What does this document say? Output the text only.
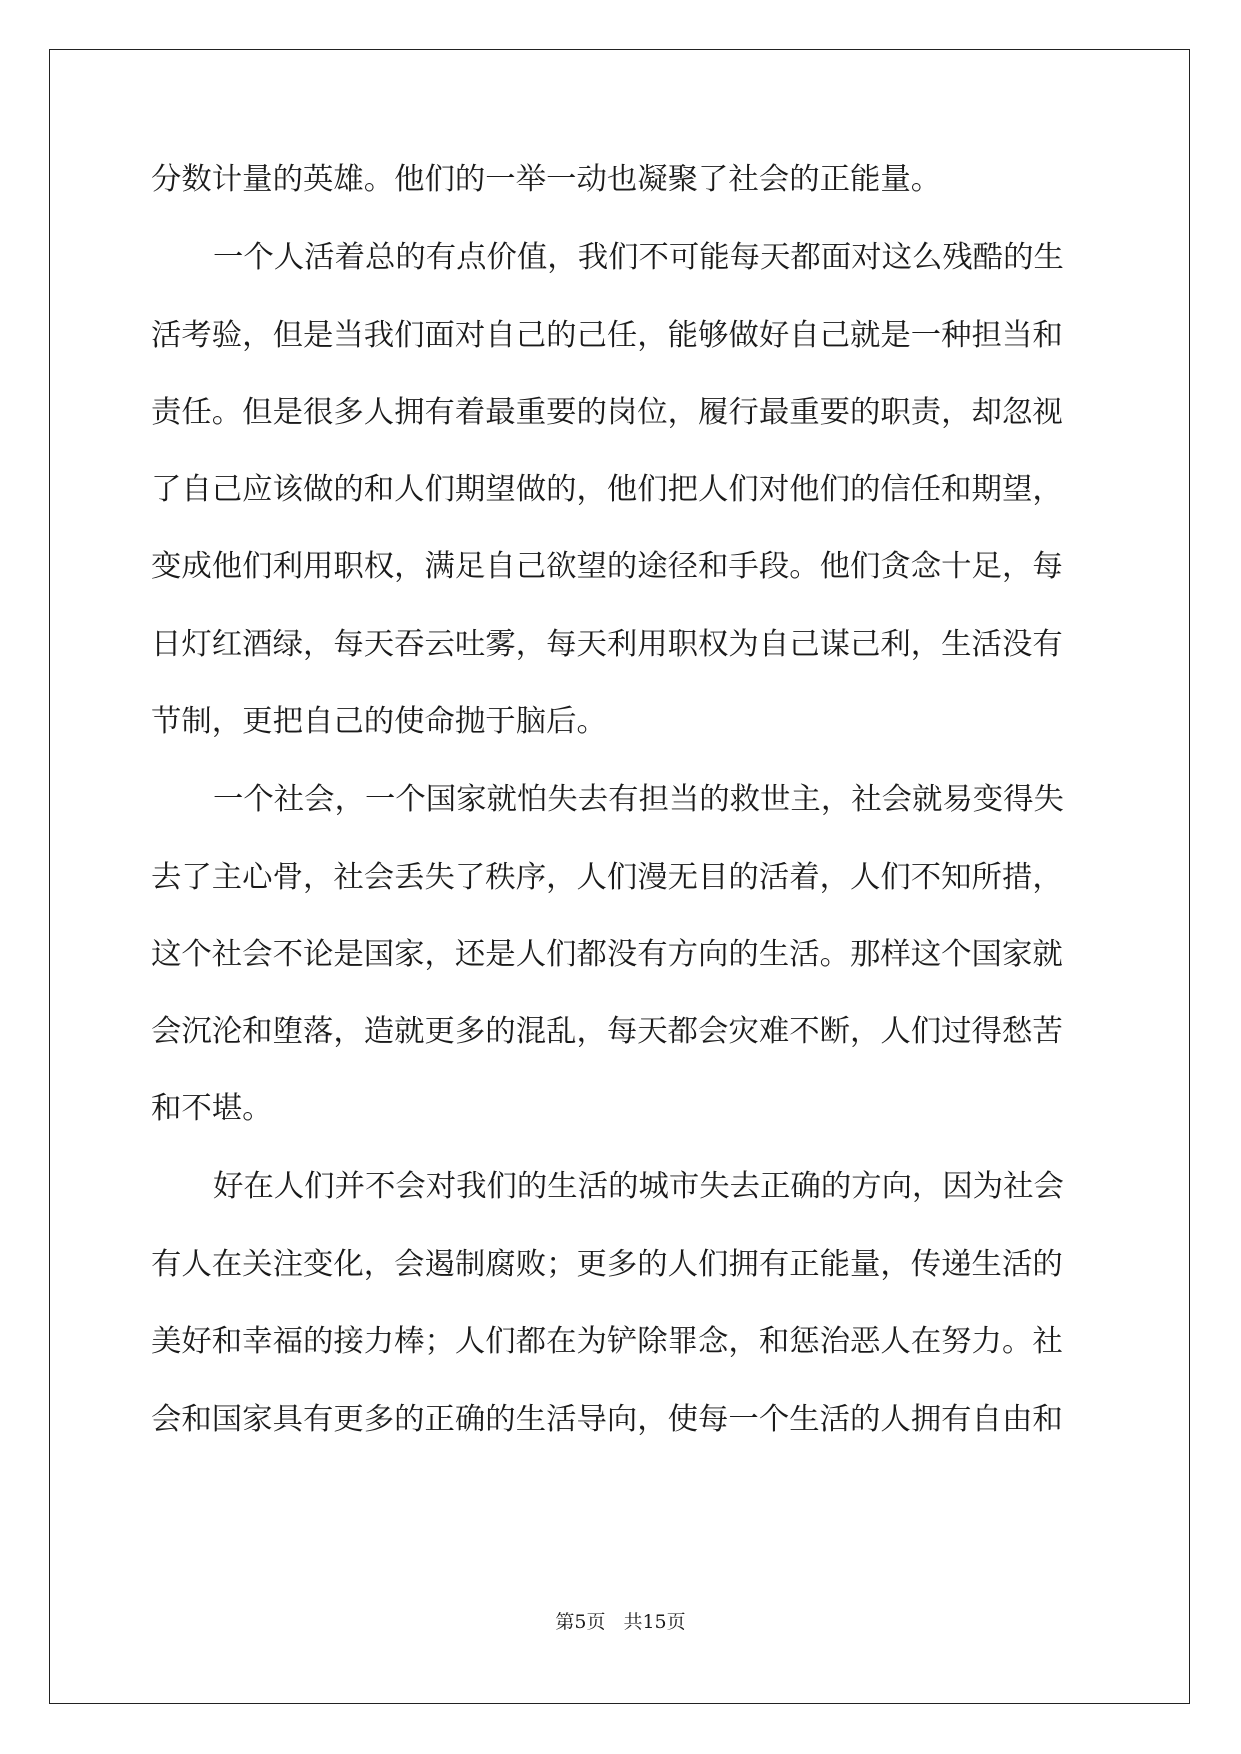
分数计量的英雄。他们的一举一动也凝聚了社会的正能量。
一个人活着总的有点价值，我们不可能每天都面对这么残酷的生
活考验，但是当我们面对自己的己任，能够做好自己就是一种担当和
责任。但是很多人拥有着最重要的岗位，履行最重要的职责，却忽视
了自己应该做的和人们期望做的，他们把人们对他们的信任和期望，
变成他们利用职权，满足自己欲望的途径和手段。他们贪念十足，每
日灯红酒绿，每天吞云吐雾，每天利用职权为自己谋己利，生活没有
节制，更把自己的使命抛于脑后。
一个社会，一个国家就怕失去有担当的救世主，社会就易变得失
去了主心骨，社会丢失了秩序，人们漫无目的活着，人们不知所措，
这个社会不论是国家，还是人们都没有方向的生活。那样这个国家就
会沉沦和堕落，造就更多的混乱，每天都会灾难不断，人们过得愁苦
和不堪。
好在人们并不会对我们的生活的城市失去正确的方向，因为社会
有人在关注变化，会遏制腐败；更多的人们拥有正能量，传递生活的
美好和幸福的接力棒；人们都在为铲除罪念，和惩治恶人在努力。社
会和国家具有更多的正确的生活导向，使每一个生活的人拥有自由和
第5页 共15页
